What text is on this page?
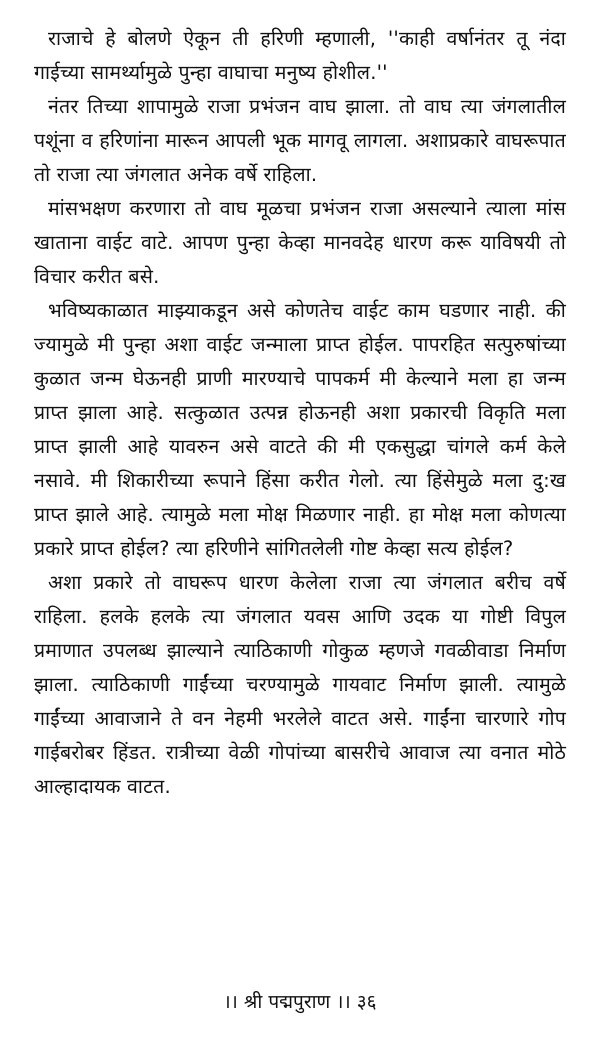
राजाचे हे बोलणे ऐकून ती हरिणी म्हणाली, ''काही वर्षानंतर तू नंदा गाईच्या सामर्थ्यामुळे पुन्हा वाघाचा मनुष्य होशील.''

नंतर तिच्या शापामुळे राजा प्रभंजन वाघ झाला. तो वाघ त्या जंगलातील पशूंना व हरिणांना मारून आपली भूक मागवू लागला. अशाप्रकारे वाघरूपात तो राजा त्या जंगलात अनेक वर्षे राहिला.

मांसभक्षण करणारा तो वाघ मूळचा प्रभंजन राजा असल्याने त्याला मांस खाताना वाईट वाटे. आपण पुन्हा केव्हा मानवदेह धारण करू याविषयी तो विचार करीत बसे.

भविष्यकाळात माझ्याकडून असे कोणतेच वाईट काम घडणार नाही. की ज्यामुळे मी पुन्हा अशा वाईट जन्माला प्राप्त होईल. पापरहित सत्पुरुषांच्या कुळात जन्म घेऊनही प्राणी मारण्याचे पापकर्म मी केल्याने मला हा जन्म प्राप्त झाला आहे. सत्कुळात उत्पन्न होऊनही अशा प्रकारची विकृति मला प्राप्त झाली आहे यावरुन असे वाटते की मी एकसुद्धा चांगले कर्म केले नसावे. मी शिकारीच्या रूपाने हिंसा करीत गेलो. त्या हिंसेमुळे मला दु:ख प्राप्त झाले आहे. त्यामुळे मला मोक्ष मिळणार नाही. हा मोक्ष मला कोणत्या प्रकारे प्राप्त होईल? त्या हरिणीने सांगितलेली गोष्ट केव्हा सत्य होईल?

अशा प्रकारे तो वाघरूप धारण केलेला राजा त्या जंगलात बरीच वर्षे राहिला. हलके हलके त्या जंगलात यवस आणि उदक या गोष्टी विपुल प्रमाणात उपलब्ध झाल्याने त्याठिकाणी गोकुळ म्हणजे गवळीवाडा निर्माण झाला. त्याठिकाणी गाईंच्या चरण्यामुळे गायवाट निर्माण झाली. त्यामुळे गाईंच्या आवाजाने ते वन नेहमी भरलेले वाटत असे. गाईंना चारणारे गोप गाईबरोबर हिंडत. रात्रीच्या वेळी गोपांच्या बासरीचे आवाज त्या वनात मोठे आल्हादायक वाटत.

।। श्री पद्मपुराण ।। ३६
